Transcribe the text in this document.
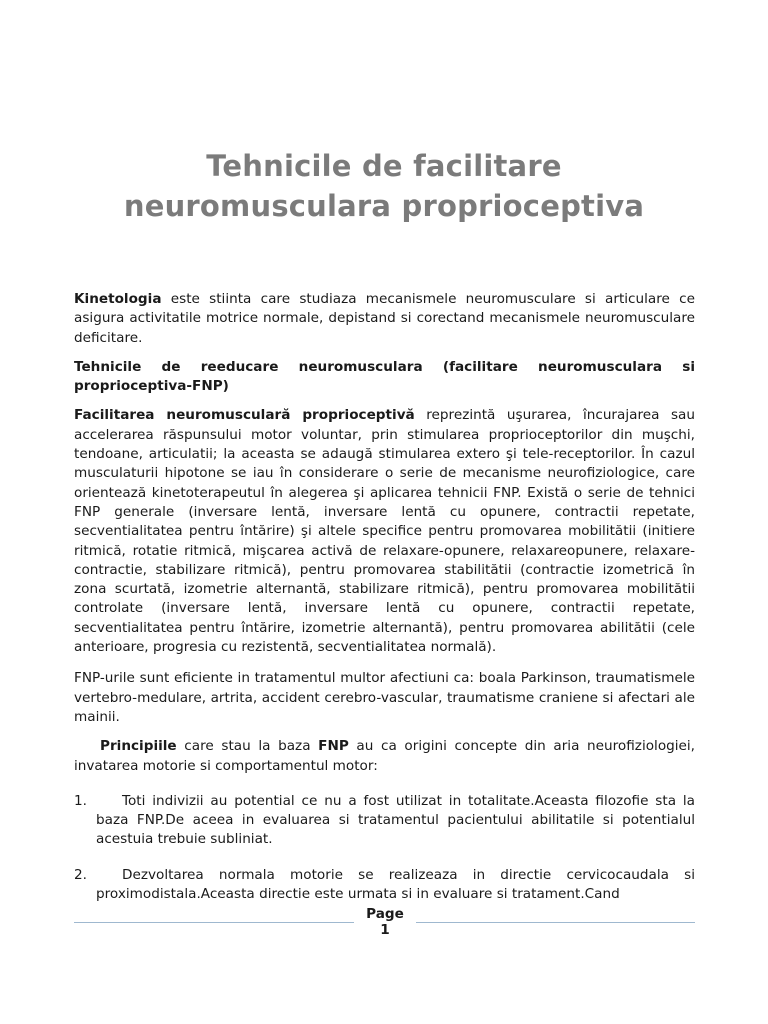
Tehnicile de facilitare
neuromusculara proprioceptiva

Kinetologia este stiinta care studiaza mecanismele neuromusculare si articulare ce asigura activitatile motrice normale, depistand si corectand mecanismele neuromusculare deficitare.

Tehnicile de reeducare neuromusculara (facilitare neuromusculara si proprioceptiva-FNP)

Facilitarea neuromusculară proprioceptivă reprezintă uşurarea, încurajarea sau accelerarea răspunsului motor voluntar, prin stimularea proprioceptorilor din muşchi, tendoane, articulatii; la aceasta se adaugă stimularea extero şi tele-receptorilor. În cazul musculaturii hipotone se iau în considerare o serie de mecanisme neurofiziologice, care orientează kinetoterapeutul în alegerea şi aplicarea tehnicii FNP. Există o serie de tehnici FNP generale (inversare lentă, inversare lentă cu opunere, contractii repetate, secventialitatea pentru întărire) şi altele specifice pentru promovarea mobilitătii (initiere ritmică, rotatie ritmică, mişcarea activă de relaxare-opunere, relaxareopunere, relaxare-contractie, stabilizare ritmică), pentru promovarea stabilitătii (contractie izometrică în zona scurtată, izometrie alternantă, stabilizare ritmică), pentru promovarea mobilitătii controlate (inversare lentă, inversare lentă cu opunere, contractii repetate, secventialitatea pentru întărire, izometrie alternantă), pentru promovarea abilitătii (cele anterioare, progresia cu rezistentă, secventialitatea normală).

FNP-urile sunt eficiente in tratamentul multor afectiuni ca: boala Parkinson, traumatismele vertebro-medulare, artrita, accident cerebro-vascular, traumatisme craniene si afectari ale mainii.

Principiile care stau la baza FNP au ca origini concepte din aria neurofiziologiei, invatarea motorie si comportamentul motor:

1.	Toti indivizii au potential ce nu a fost utilizat in totalitate.Aceasta filozofie sta la baza FNP.De aceea in evaluarea si tratamentul pacientului abilitatile si potentialul acestuia trebuie subliniat.
2.	Dezvoltarea normala motorie se realizeaza in directie cervicocaudala si proximodistala.Aceasta directie este urmata si in evaluare si tratament.Cand
Page
1
